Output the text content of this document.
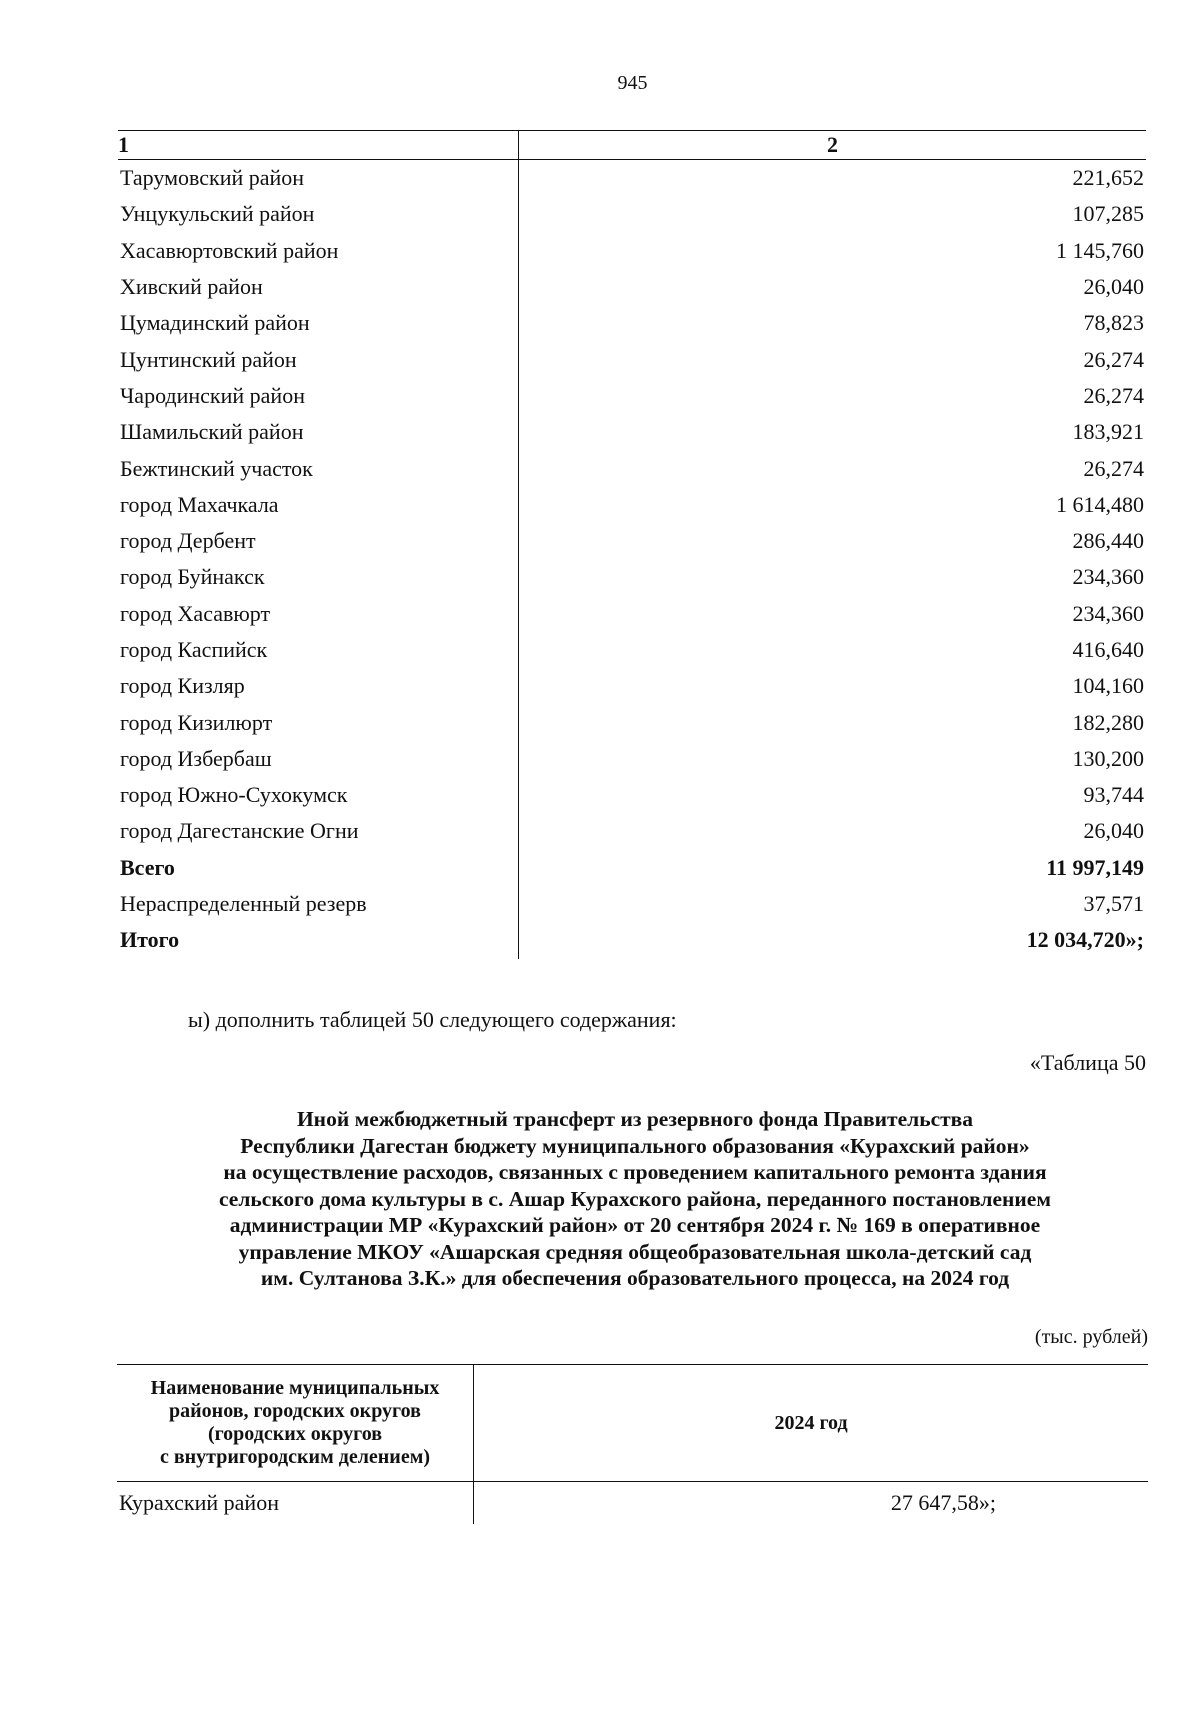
945
1	2
Тарумовский район	221,652
Унцукульский район	107,285
Хасавюртовский район	1 145,760
Хивский район	26,040
Цумадинский район	78,823
Цунтинский район	26,274
Чародинский район	26,274
Шамильский район	183,921
Бежтинский участок	26,274
город Махачкала	1 614,480
город Дербент	286,440
город Буйнакск	234,360
город Хасавюрт	234,360
город Каспийск	416,640
город Кизляр	104,160
город Кизилюрт	182,280
город Избербаш	130,200
город Южно-Сухокумск	93,744
город Дагестанские Огни	26,040
Всего	11 997,149
Нераспределенный резерв	37,571
Итого	12 034,720»;
ы) дополнить таблицей 50 следующего содержания:
«Таблица 50
Иной межбюджетный трансферт из резервного фонда Правительства
Республики Дагестан бюджету муниципального образования «Курахский район»
на осуществление расходов, связанных с проведением капитального ремонта здания
сельского дома культуры в с. Ашар Курахского района, переданного постановлением
администрации МР «Курахский район» от 20 сентября 2024 г. № 169 в оперативное
управление МКОУ «Ашарская средняя общеобразовательная школа-детский сад
им. Султанова З.К.» для обеспечения образовательного процесса, на 2024 год
(тыс. рублей)
Наименование муниципальных
районов, городских округов
(городских округов
с внутригородским делением)	2024 год
Курахский район	27 647,58»;
